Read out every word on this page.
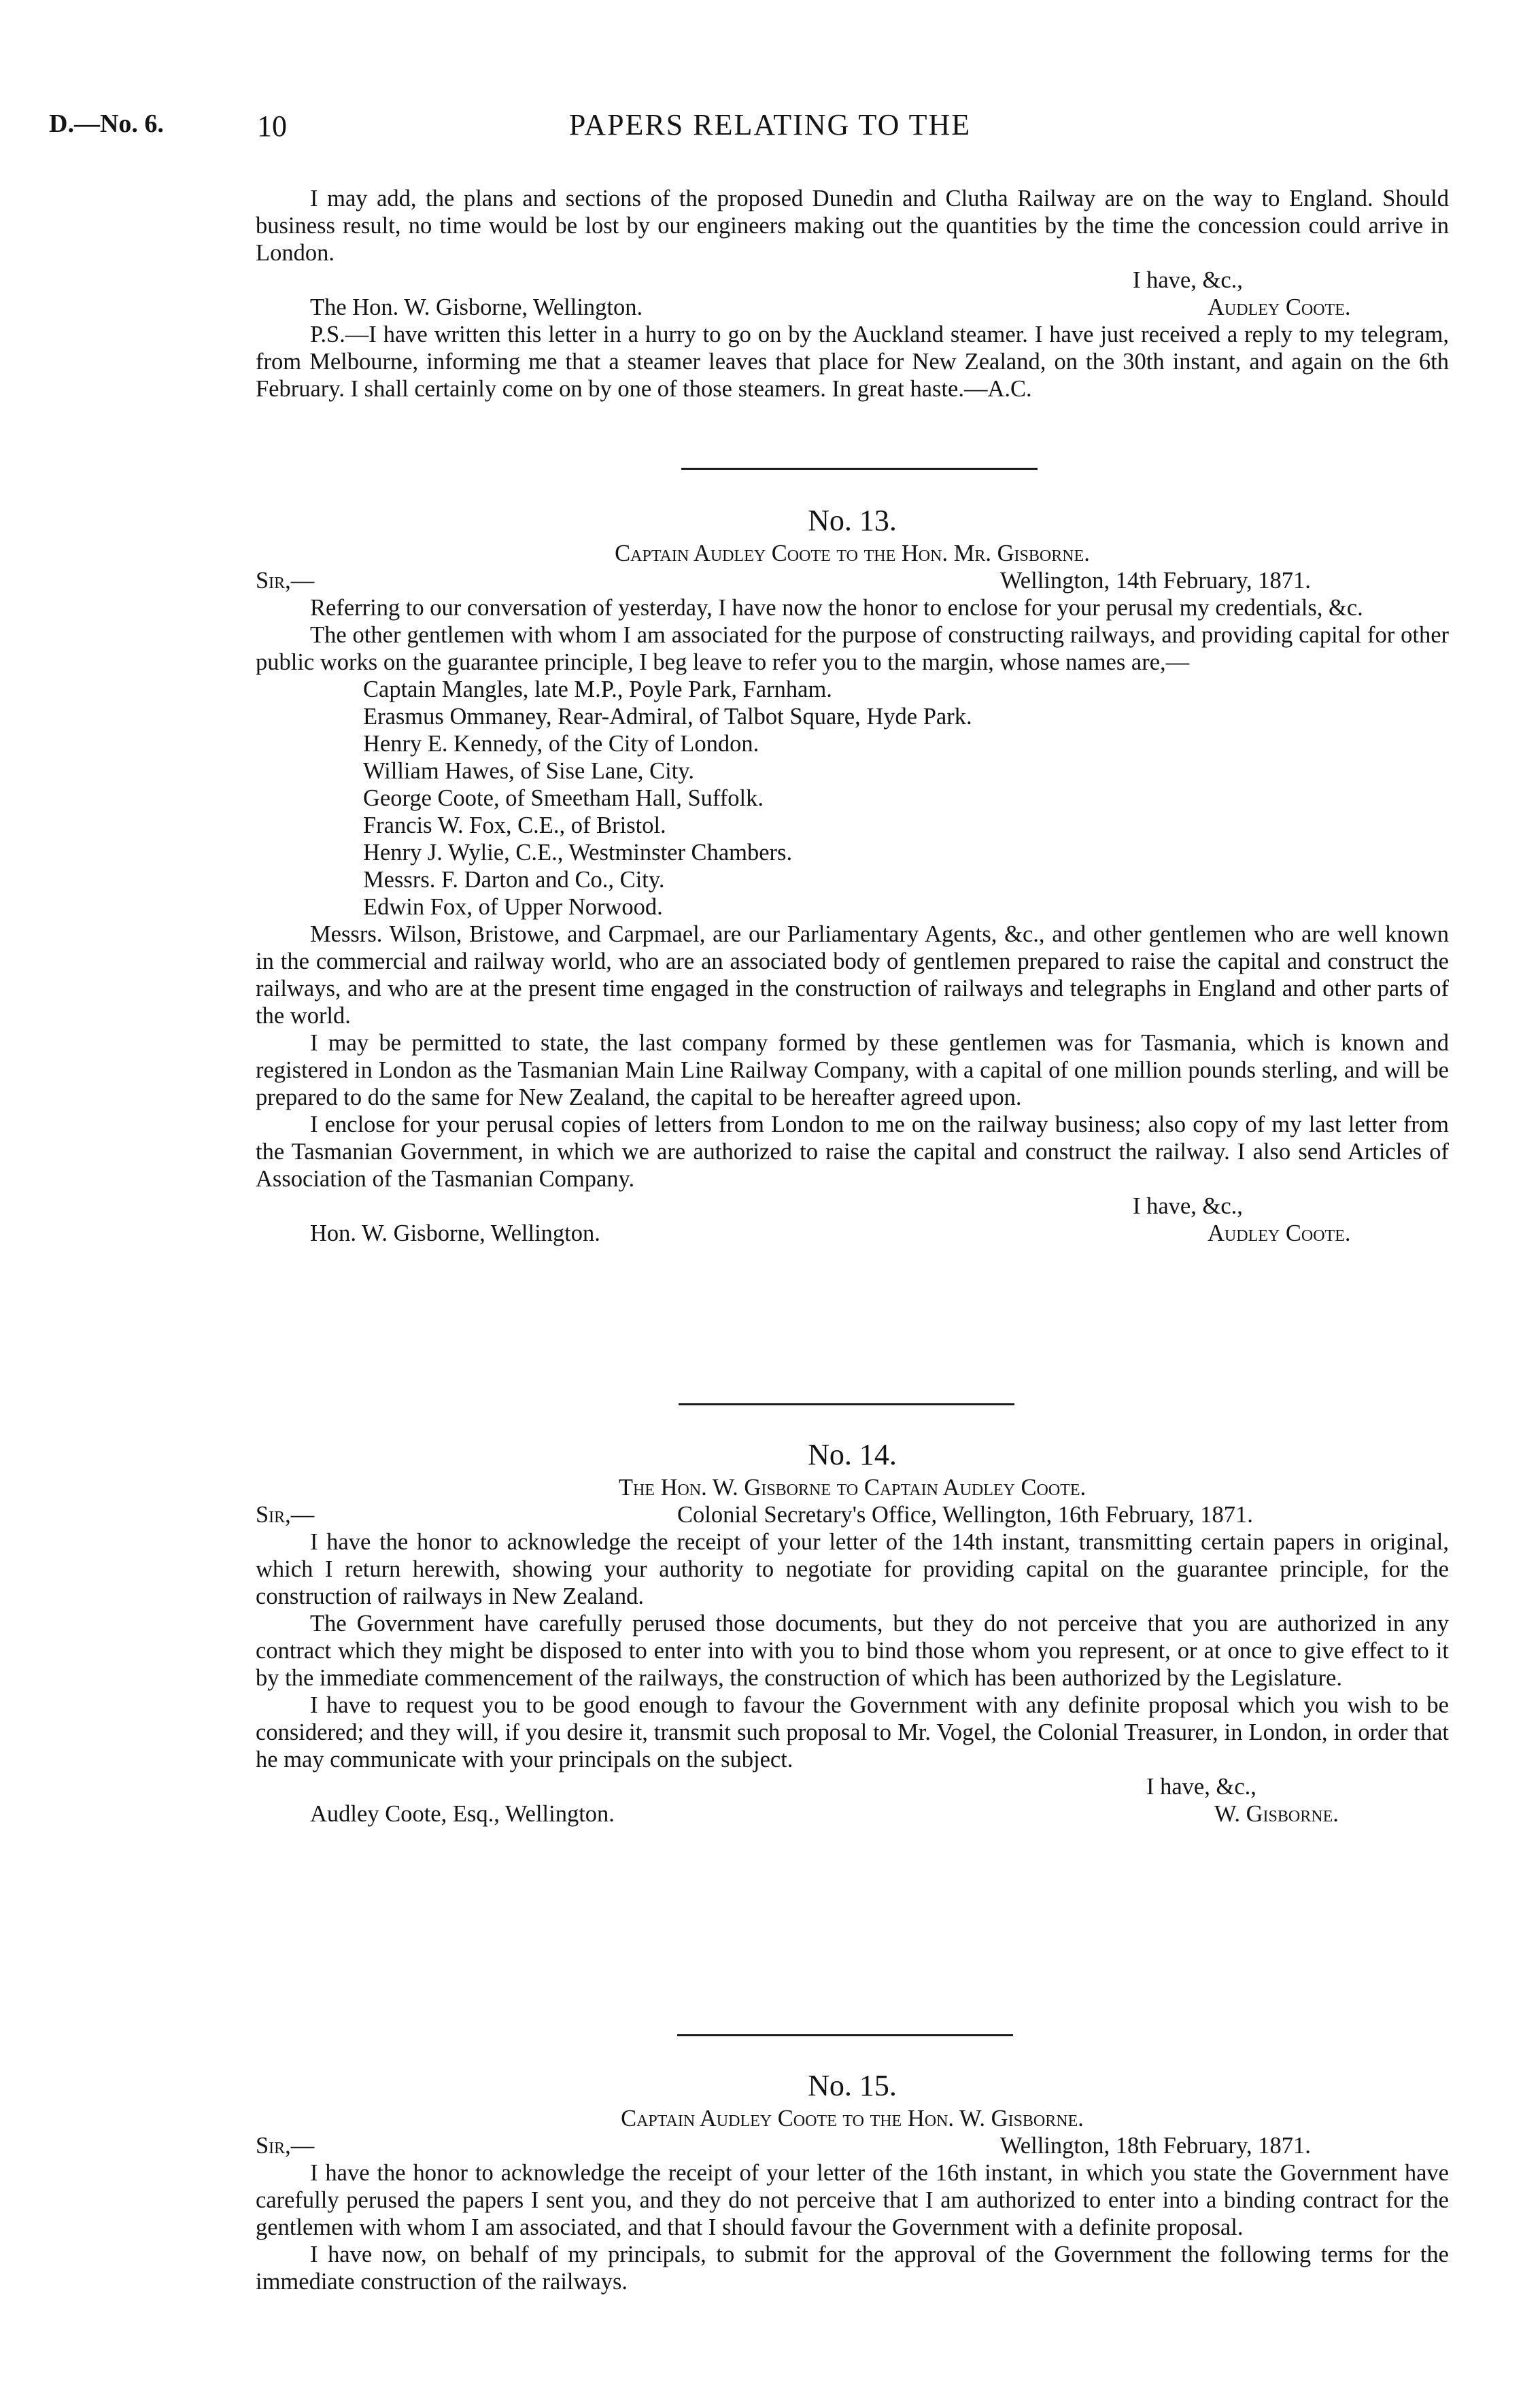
D.—No. 6.	10	PAPERS RELATING TO THE

I may add, the plans and sections of the proposed Dunedin and Clutha Railway are on the way to England. Should business result, no time would be lost by our engineers making out the quantities by the time the concession could arrive in London.

I have, &c.,
The Hon. W. Gisborne, Wellington.	Audley Coote.

P.S.—I have written this letter in a hurry to go on by the Auckland steamer. I have just received a reply to my telegram, from Melbourne, informing me that a steamer leaves that place for New Zealand, on the 30th instant, and again on the 6th February. I shall certainly come on by one of those steamers. In great haste.—A.C.

No. 13.

Captain Audley Coote to the Hon. Mr. Gisborne.

Sir,—	Wellington, 14th February, 1871.

Referring to our conversation of yesterday, I have now the honor to enclose for your perusal my credentials, &c.

The other gentlemen with whom I am associated for the purpose of constructing railways, and providing capital for other public works on the guarantee principle, I beg leave to refer you to the margin, whose names are,—

Captain Mangles, late M.P., Poyle Park, Farnham.
Erasmus Ommaney, Rear-Admiral, of Talbot Square, Hyde Park.
Henry E. Kennedy, of the City of London.
William Hawes, of Sise Lane, City.
George Coote, of Smeetham Hall, Suffolk.
Francis W. Fox, C.E., of Bristol.
Henry J. Wylie, C.E., Westminster Chambers.
Messrs. F. Darton and Co., City.
Edwin Fox, of Upper Norwood.

Messrs. Wilson, Bristowe, and Carpmael, are our Parliamentary Agents, &c., and other gentlemen who are well known in the commercial and railway world, who are an associated body of gentlemen prepared to raise the capital and construct the railways, and who are at the present time engaged in the construction of railways and telegraphs in England and other parts of the world.

I may be permitted to state, the last company formed by these gentlemen was for Tasmania, which is known and registered in London as the Tasmanian Main Line Railway Company, with a capital of one million pounds sterling, and will be prepared to do the same for New Zealand, the capital to be hereafter agreed upon.

I enclose for your perusal copies of letters from London to me on the railway business; also copy of my last letter from the Tasmanian Government, in which we are authorized to raise the capital and construct the railway. I also send Articles of Association of the Tasmanian Company.

I have, &c.,
Hon. W. Gisborne, Wellington.	Audley Coote.

No. 14.

The Hon. W. Gisborne to Captain Audley Coote.

Sir,—	Colonial Secretary's Office, Wellington, 16th February, 1871.

I have the honor to acknowledge the receipt of your letter of the 14th instant, transmitting certain papers in original, which I return herewith, showing your authority to negotiate for providing capital on the guarantee principle, for the construction of railways in New Zealand.

The Government have carefully perused those documents, but they do not perceive that you are authorized in any contract which they might be disposed to enter into with you to bind those whom you represent, or at once to give effect to it by the immediate commencement of the railways, the construction of which has been authorized by the Legislature.

I have to request you to be good enough to favour the Government with any definite proposal which you wish to be considered; and they will, if you desire it, transmit such proposal to Mr. Vogel, the Colonial Treasurer, in London, in order that he may communicate with your principals on the subject.

I have, &c.,
Audley Coote, Esq., Wellington.	W. Gisborne.

No. 15.

Captain Audley Coote to the Hon. W. Gisborne.

Sir,—	Wellington, 18th February, 1871.

I have the honor to acknowledge the receipt of your letter of the 16th instant, in which you state the Government have carefully perused the papers I sent you, and they do not perceive that I am authorized to enter into a binding contract for the gentlemen with whom I am associated, and that I should favour the Government with a definite proposal.

I have now, on behalf of my principals, to submit for the approval of the Government the following terms for the immediate construction of the railways.
